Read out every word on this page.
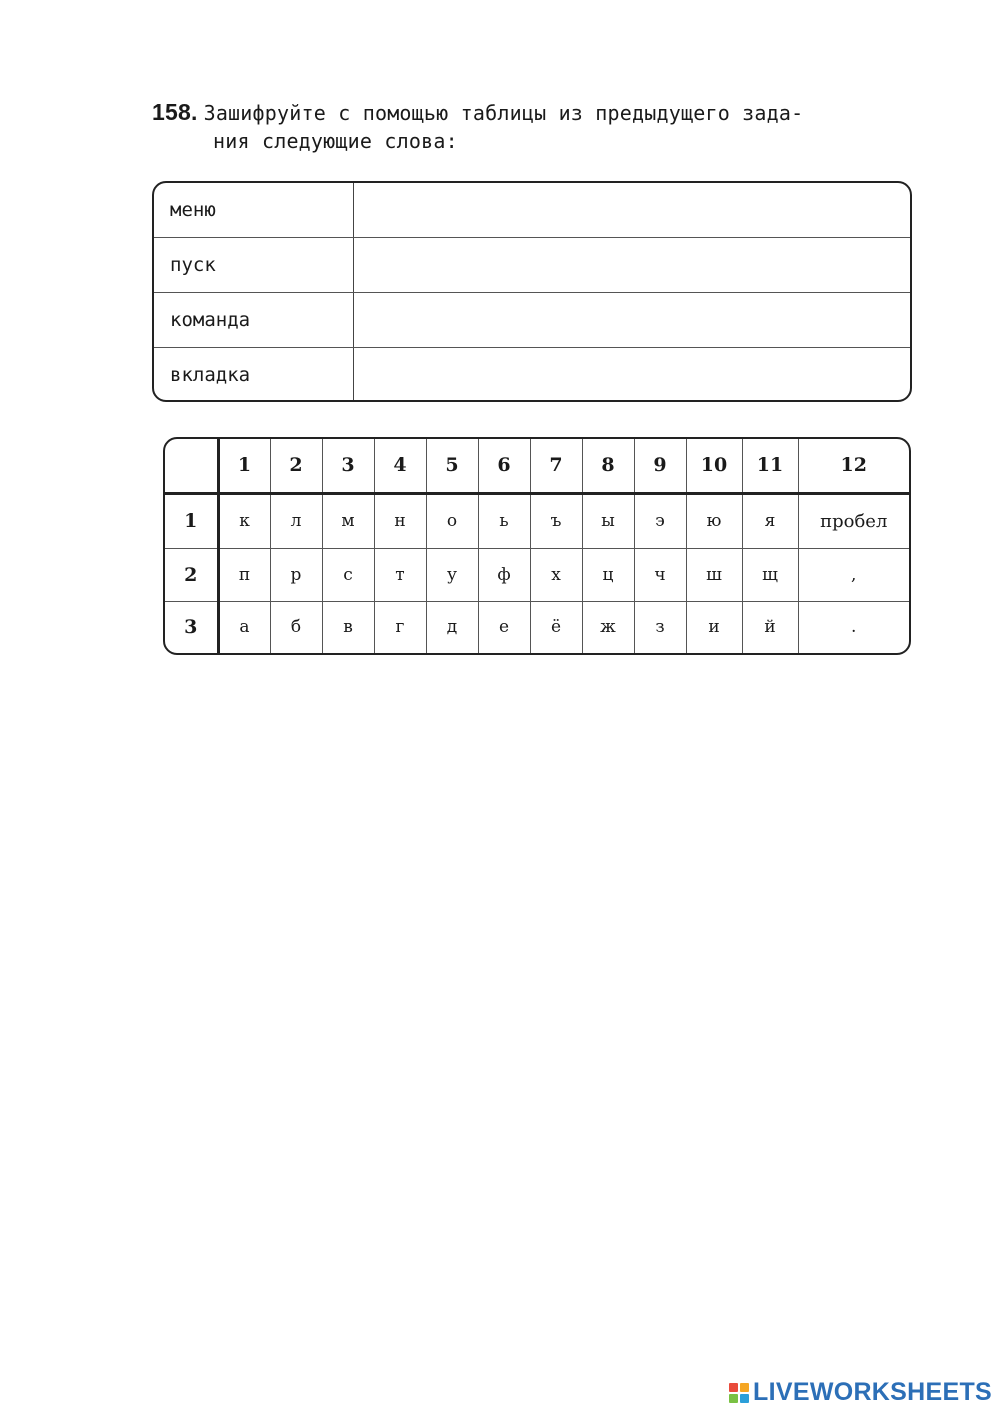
158. Зашифруйте с помощью таблицы из предыдущего зада-
ния следующие слова:
меню
пуск
команда
вкладка
	1	2	3	4	5	6	7	8	9	10	11	12
1	к	л	м	н	о	ь	ъ	ы	э	ю	я	пробел
2	п	р	с	т	у	ф	х	ц	ч	ш	щ	,
3	а	б	в	г	д	е	ё	ж	з	и	й	.
LIVEWORKSHEETS
